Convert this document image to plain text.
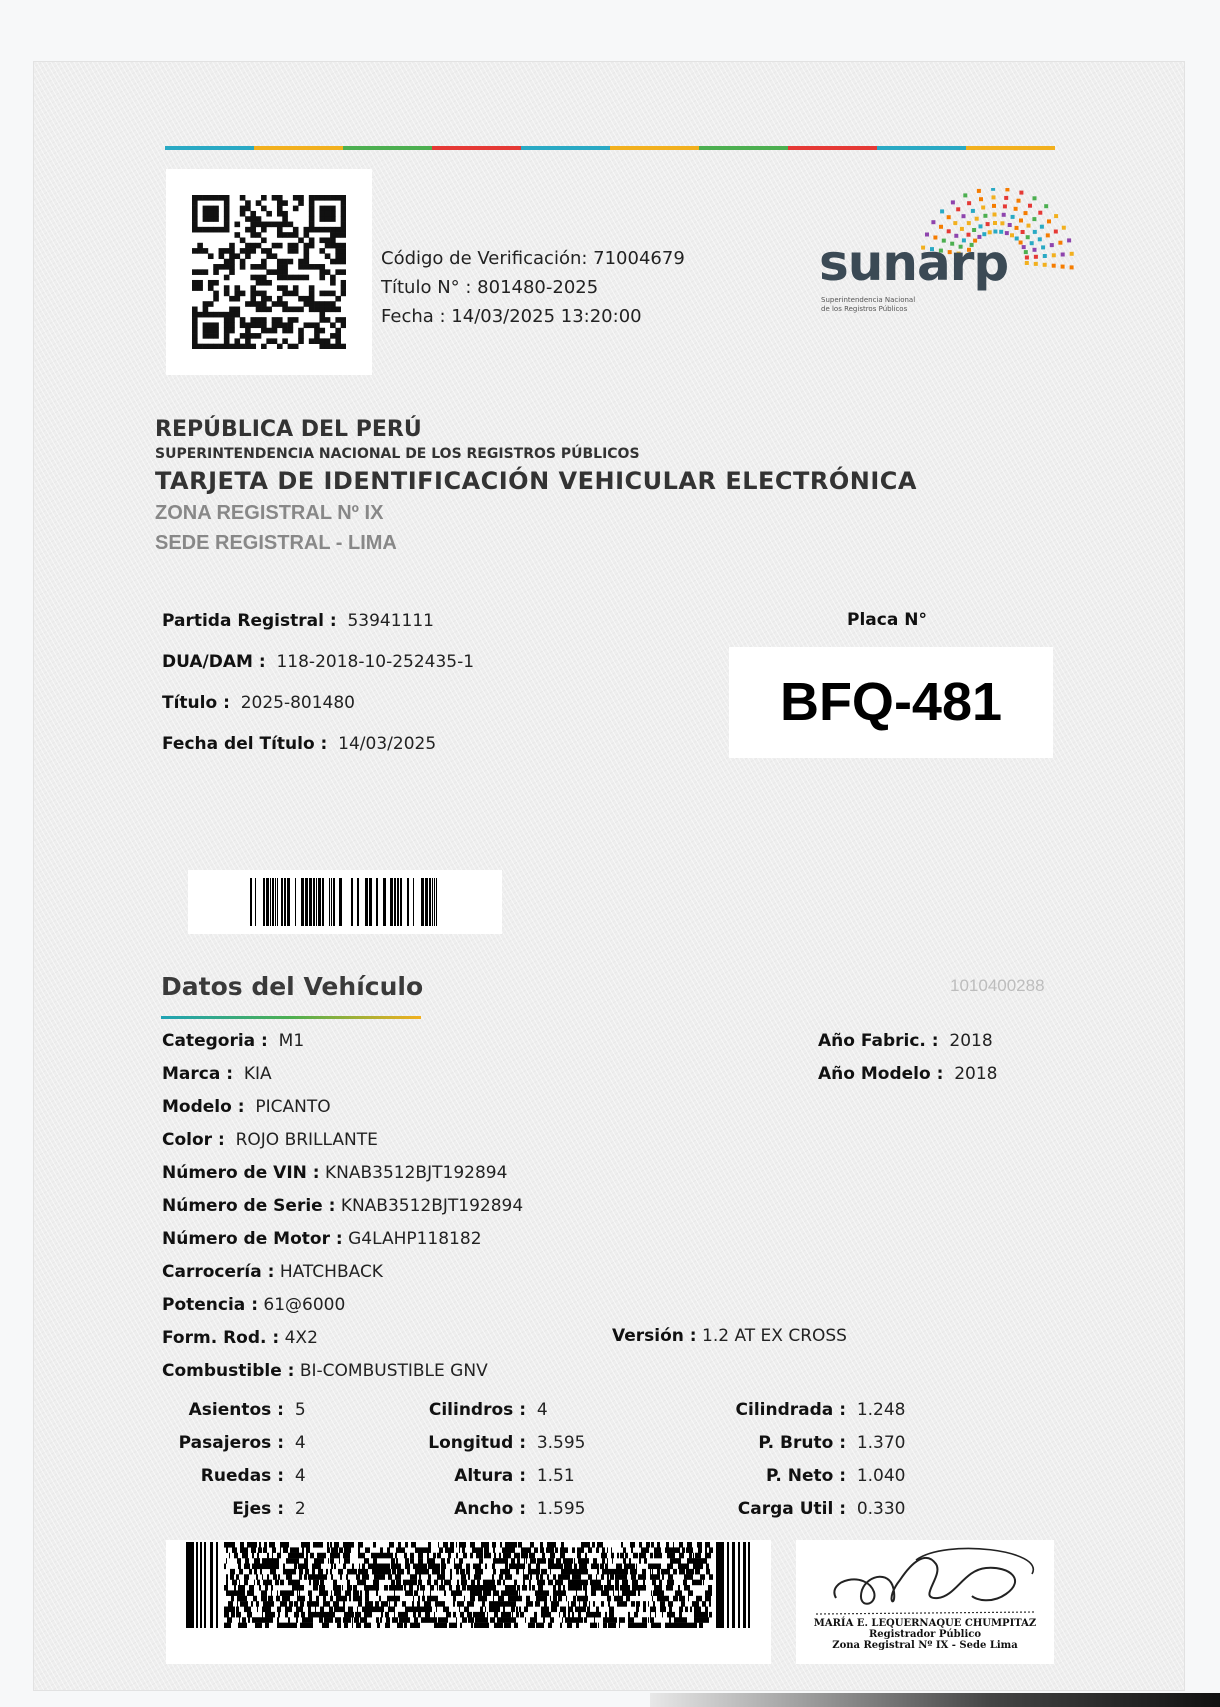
Código de Verificación: 71004679
Título N° : 801480-2025
Fecha : 14/03/2025 13:20:00
sunarp
Superintendencia Nacional
de los Registros Públicos

REPÚBLICA DEL PERÚ

SUPERINTENDENCIA NACIONAL DE LOS REGISTROS PÚBLICOS

TARJETA DE IDENTIFICACIÓN VEHICULAR ELECTRÓNICA

ZONA REGISTRAL Nº IX

SEDE REGISTRAL - LIMA

Partida Registral : 53941111
DUA/DAM : 118-2018-10-252435-1
Título : 2025-801480
Fecha del Título : 14/03/2025
Placa N°
BFQ-481
Datos del Vehículo	1010400288
Categoria : M1
Marca : KIA
Modelo : PICANTO
Color : ROJO BRILLANTE
Número de VIN : KNAB3512BJT192894
Número de Serie : KNAB3512BJT192894
Número de Motor : G4LAHP118182
Carrocería : HATCHBACK
Potencia : 61@6000
Form. Rod. : 4X2
Combustible : BI-COMBUSTIBLE GNV
Versión : 1.2 AT EX CROSS
Año Fabric. : 2018
Año Modelo : 2018
Asientos : 5
Pasajeros : 4
Ruedas : 4
Ejes : 2
Cilindros : 4
Longitud : 3.595
Altura : 1.51
Ancho : 1.595
Cilindrada : 1.248
P. Bruto : 1.370
P. Neto : 1.040
Carga Util : 0.330
MARÍA E. LEQUERNAQUE CHUMPITAZ
Registrador Público
Zona Registral Nº IX - Sede Lima
